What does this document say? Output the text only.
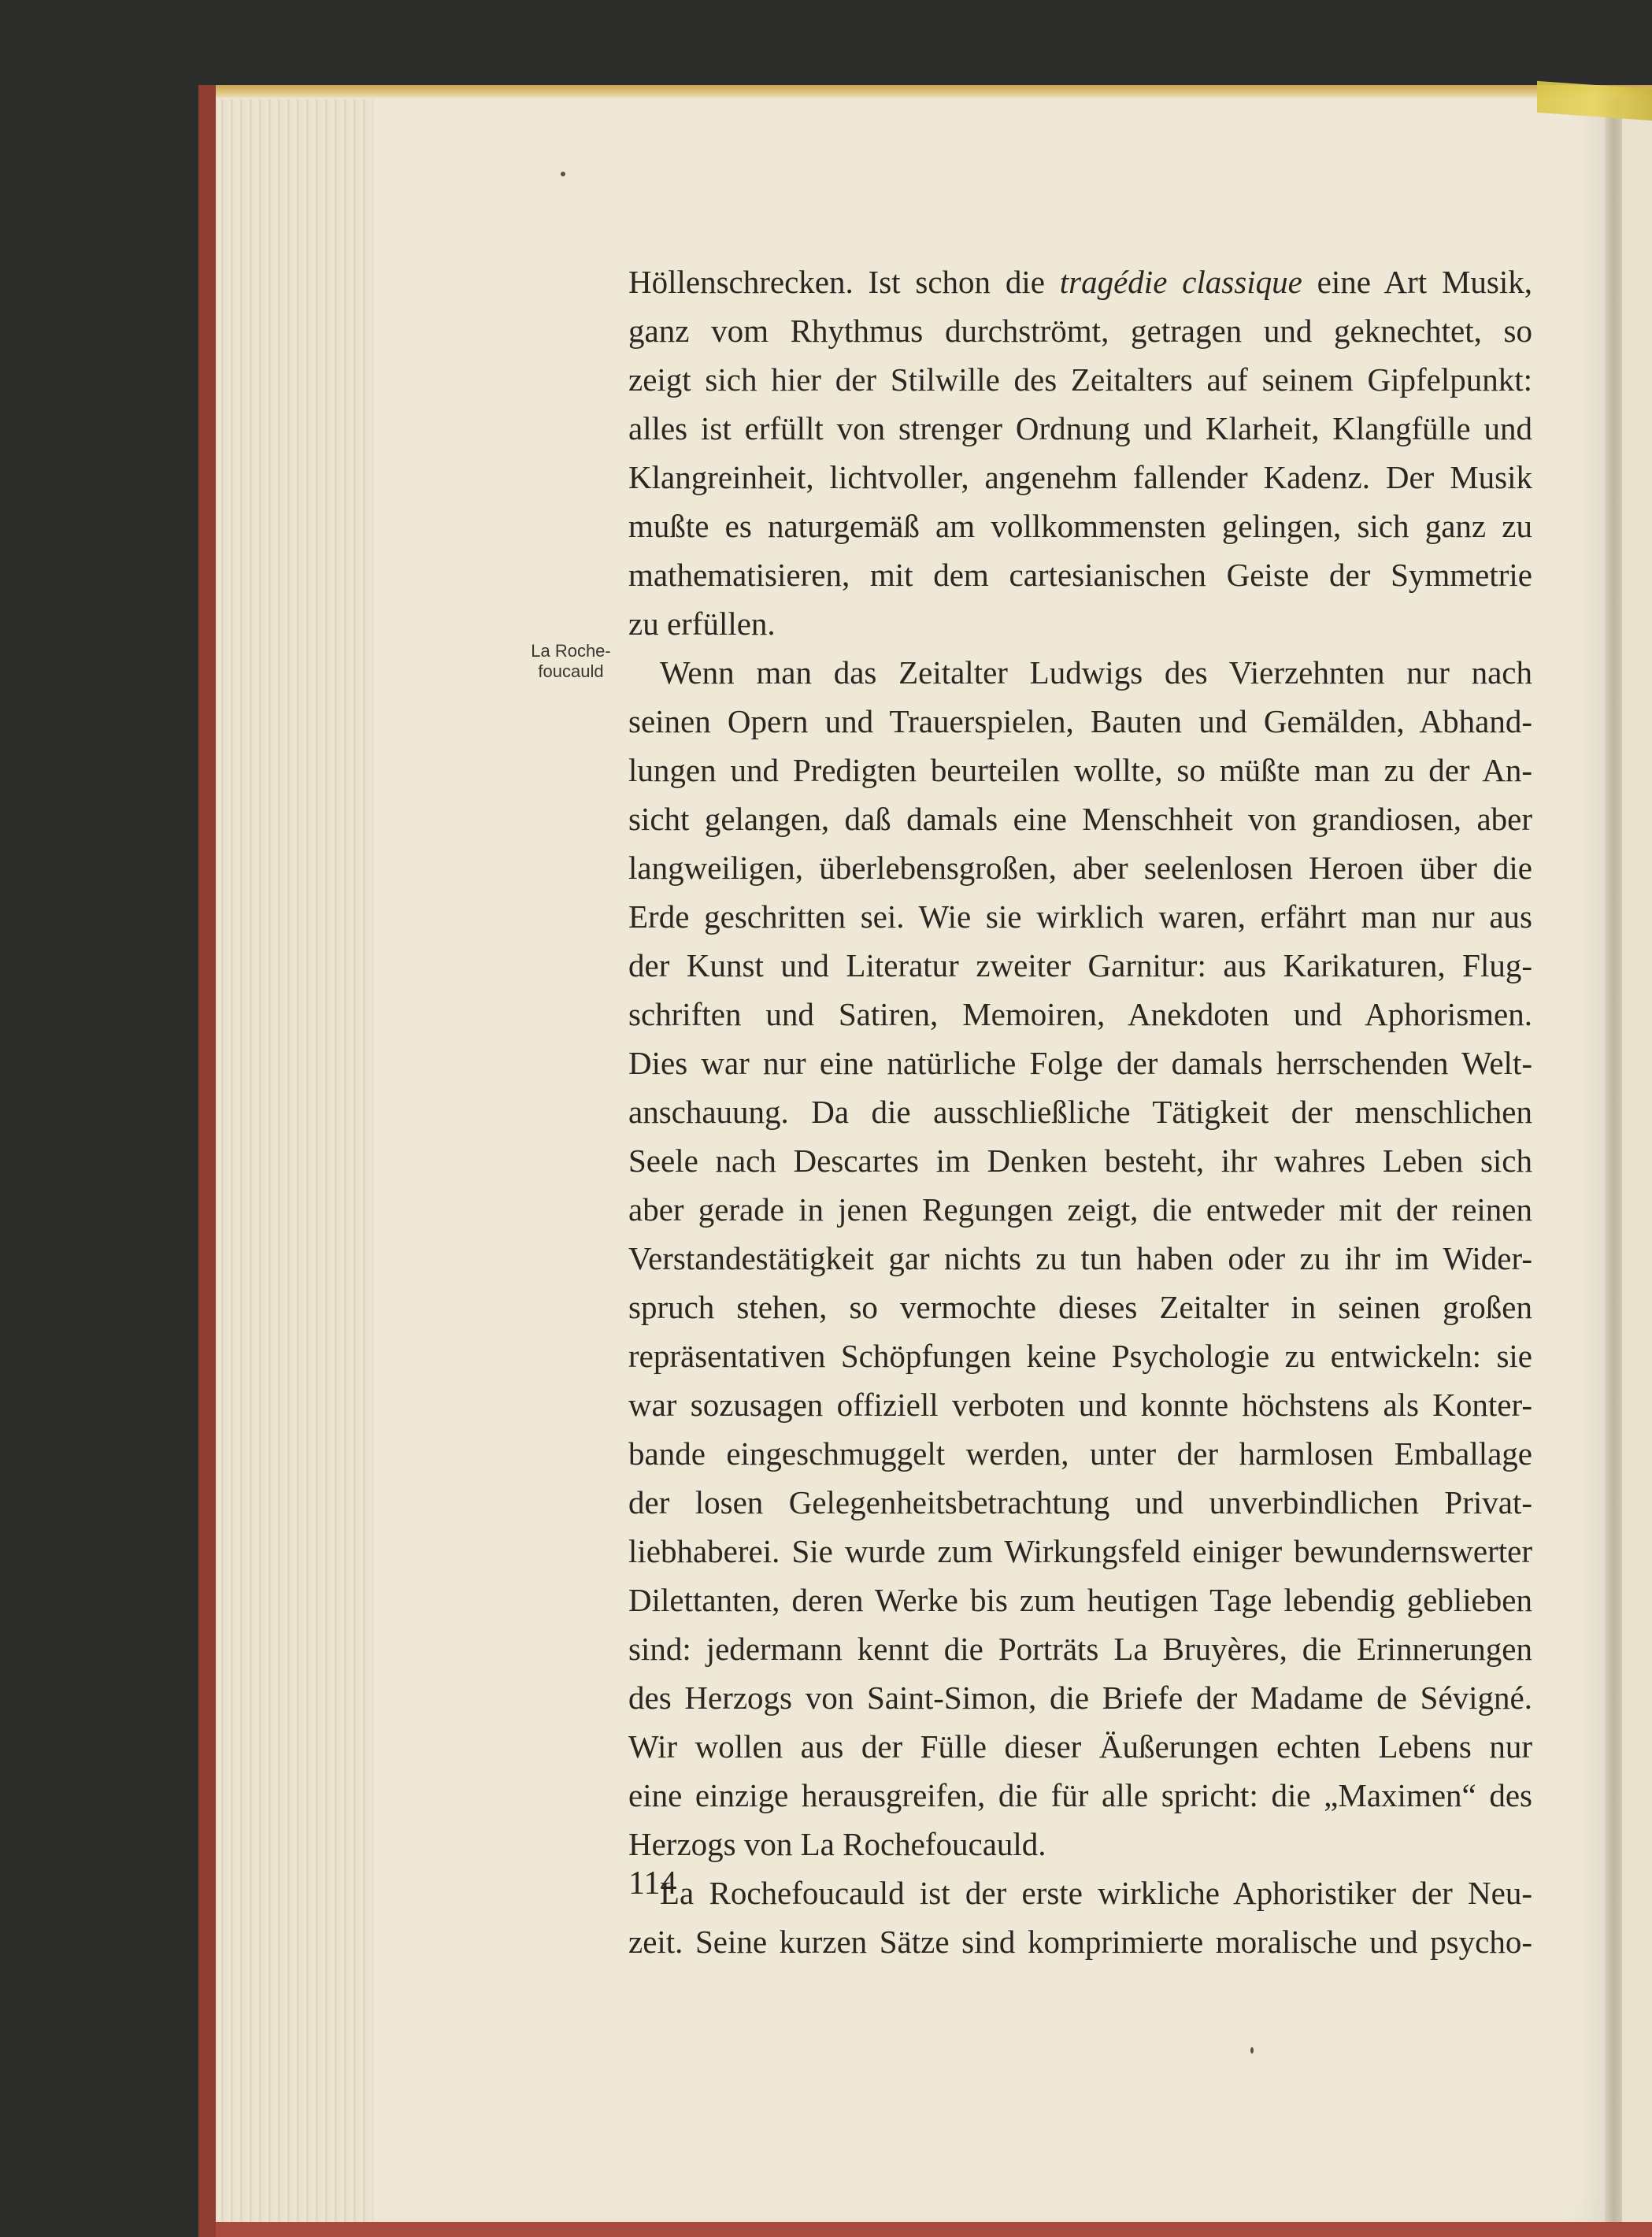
La Roche-
foucauld
Höllenschrecken. Ist schon die tragédie classique eine Art Musik,
ganz vom Rhythmus durchströmt, getragen und geknechtet, so
zeigt sich hier der Stilwille des Zeitalters auf seinem Gipfelpunkt:
alles ist erfüllt von strenger Ordnung und Klarheit, Klangfülle und
Klangreinheit, lichtvoller, angenehm fallender Kadenz. Der Musik
mußte es naturgemäß am vollkommensten gelingen, sich ganz zu
mathematisieren, mit dem cartesianischen Geiste der Symmetrie
zu erfüllen.
Wenn man das Zeitalter Ludwigs des Vierzehnten nur nach
seinen Opern und Trauerspielen, Bauten und Gemälden, Abhand-
lungen und Predigten beurteilen wollte, so müßte man zu der An-
sicht gelangen, daß damals eine Menschheit von grandiosen, aber
langweiligen, überlebensgroßen, aber seelenlosen Heroen über die
Erde geschritten sei. Wie sie wirklich waren, erfährt man nur aus
der Kunst und Literatur zweiter Garnitur: aus Karikaturen, Flug-
schriften und Satiren, Memoiren, Anekdoten und Aphorismen.
Dies war nur eine natürliche Folge der damals herrschenden Welt-
anschauung. Da die ausschließliche Tätigkeit der menschlichen
Seele nach Descartes im Denken besteht, ihr wahres Leben sich
aber gerade in jenen Regungen zeigt, die entweder mit der reinen
Verstandestätigkeit gar nichts zu tun haben oder zu ihr im Wider-
spruch stehen, so vermochte dieses Zeitalter in seinen großen
repräsentativen Schöpfungen keine Psychologie zu entwickeln: sie
war sozusagen offiziell verboten und konnte höchstens als Konter-
bande eingeschmuggelt werden, unter der harmlosen Emballage
der losen Gelegenheitsbetrachtung und unverbindlichen Privat-
liebhaberei. Sie wurde zum Wirkungsfeld einiger bewundernswerter
Dilettanten, deren Werke bis zum heutigen Tage lebendig geblieben
sind: jedermann kennt die Porträts La Bruyères, die Erinnerungen
des Herzogs von Saint-Simon, die Briefe der Madame de Sévigné.
Wir wollen aus der Fülle dieser Äußerungen echten Lebens nur
eine einzige herausgreifen, die für alle spricht: die „Maximen“ des
Herzogs von La Rochefoucauld.
La Rochefoucauld ist der erste wirkliche Aphoristiker der Neu-
zeit. Seine kurzen Sätze sind komprimierte moralische und psycho-
114
